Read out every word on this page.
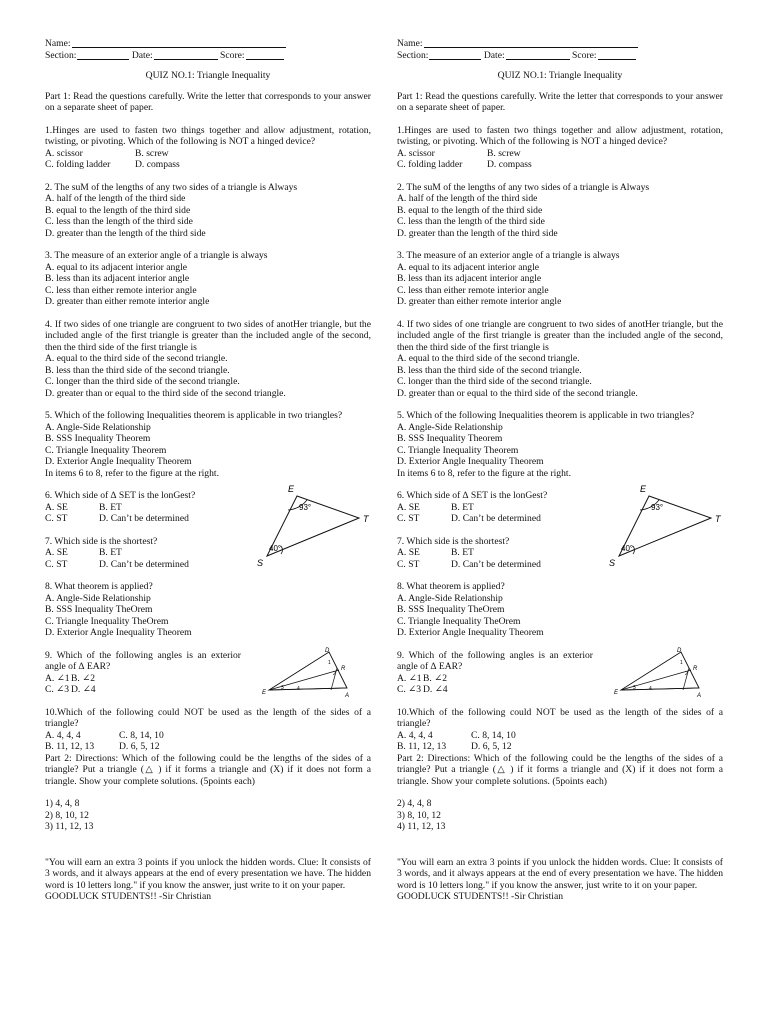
Name:
Section:
	Date:
	Score:

QUIZ NO.1: Triangle Inequality

Part 1: Read the questions carefully. Write the letter that corresponds to your answer on a separate sheet of paper.

1.Hinges are used to fasten two things together and allow adjustment, rotation, twisting, or pivoting. Which of the following is NOT a hinged device?

A. scissor	B. screw
C. folding ladder	D. compass

2. The suM of the lengths of any two sides of a triangle is Always

A. half of the length of the third side

B. equal to the length of the third side

C. less than the length of the third side

D. greater than the length of the third side

3. The measure of an exterior angle of a triangle is always

A. equal to its adjacent interior angle

B. less than its adjacent interior angle

C. less than either remote interior angle

D. greater than either remote interior angle

4. If two sides of one triangle are congruent to two sides of anotHer triangle, but the included angle of the first triangle is greater than the included angle of the second, then the third side of the first triangle is

A. equal to the third side of the second triangle.

B. less than the third side of the second triangle.

C. longer than the third side of the second triangle.

D. greater than or equal to the third side of the second triangle.

5. Which of the following Inequalities theorem is applicable in two triangles?

A. Angle-Side Relationship

B. SSS Inequality Theorem

C. Triangle Inequality Theorem

D. Exterior Angle Inequality Theorem

In items 6 to 8, refer to the figure at the right.

E
T
S
93°
40°

6. Which side of ∆ SET is the lonGest?

A. SE	B. ET
C. ST	D. Can’t be determined

7. Which side is the shortest?

A. SE	B. ET
C. ST	D. Can’t be determined

8. What theorem is applied?

A. Angle-Side Relationship

B. SSS Inequality TheOrem

C. Triangle Inequality TheOrem

D. Exterior Angle Inequality Theorem

D
R
E	A
1
2
3	4

9. Which of the following angles is an exterior angle of ∆ EAR?

A. ∠1 B. ∠2
C. ∠3 D. ∠4

10.Which of the following could NOT be used as the length of the sides of a triangle?

A. 4, 4, 4	C. 8, 14, 10
B. 11, 12, 13	D. 6, 5, 12

Part 2: Directions: Which of the following could be the lengths of the sides of a triangle? Put a triangle (△ ) if it forms a triangle and (X) if it does not form a triangle. Show your complete solutions. (5points each)

1) 4, 4, 8

2) 8, 10, 12

3) 11, 12, 13

"You will earn an extra 3 points if you unlock the hidden words. Clue: It consists of 3 words, and it always appears at the end of every presentation we have. The hidden word is 10 letters long." if you know the answer, just write to it on your paper.

GOODLUCK STUDENTS!! -Sir Christian

Name:
Section:
	Date:
	Score:

QUIZ NO.1: Triangle Inequality

Part 1: Read the questions carefully. Write the letter that corresponds to your answer on a separate sheet of paper.

1.Hinges are used to fasten two things together and allow adjustment, rotation, twisting, or pivoting. Which of the following is NOT a hinged device?

A. scissor	B. screw
C. folding ladder	D. compass

2. The suM of the lengths of any two sides of a triangle is Always

A. half of the length of the third side

B. equal to the length of the third side

C. less than the length of the third side

D. greater than the length of the third side

3. The measure of an exterior angle of a triangle is always

A. equal to its adjacent interior angle

B. less than its adjacent interior angle

C. less than either remote interior angle

D. greater than either remote interior angle

4. If two sides of one triangle are congruent to two sides of anotHer triangle, but the included angle of the first triangle is greater than the included angle of the second, then the third side of the first triangle is

A. equal to the third side of the second triangle.

B. less than the third side of the second triangle.

C. longer than the third side of the second triangle.

D. greater than or equal to the third side of the second triangle.

5. Which of the following Inequalities theorem is applicable in two triangles?

A. Angle-Side Relationship

B. SSS Inequality Theorem

C. Triangle Inequality Theorem

D. Exterior Angle Inequality Theorem

In items 6 to 8, refer to the figure at the right.

E
T
S
93°
40°

6. Which side of ∆ SET is the lonGest?

A. SE	B. ET
C. ST	D. Can’t be determined

7. Which side is the shortest?

A. SE	B. ET
C. ST	D. Can’t be determined

8. What theorem is applied?

A. Angle-Side Relationship

B. SSS Inequality TheOrem

C. Triangle Inequality TheOrem

D. Exterior Angle Inequality Theorem

D
R
E	A
1
2
3	4

9. Which of the following angles is an exterior angle of ∆ EAR?

A. ∠1 B. ∠2
C. ∠3 D. ∠4

10.Which of the following could NOT be used as the length of the sides of a triangle?

A. 4, 4, 4	C. 8, 14, 10
B. 11, 12, 13	D. 6, 5, 12

Part 2: Directions: Which of the following could be the lengths of the sides of a triangle? Put a triangle (△ ) if it forms a triangle and (X) if it does not form a triangle. Show your complete solutions. (5points each)

2) 4, 4, 8

3) 8, 10, 12

4) 11, 12, 13

"You will earn an extra 3 points if you unlock the hidden words. Clue: It consists of 3 words, and it always appears at the end of every presentation we have. The hidden word is 10 letters long." if you know the answer, just write to it on your paper.

GOODLUCK STUDENTS!! -Sir Christian
